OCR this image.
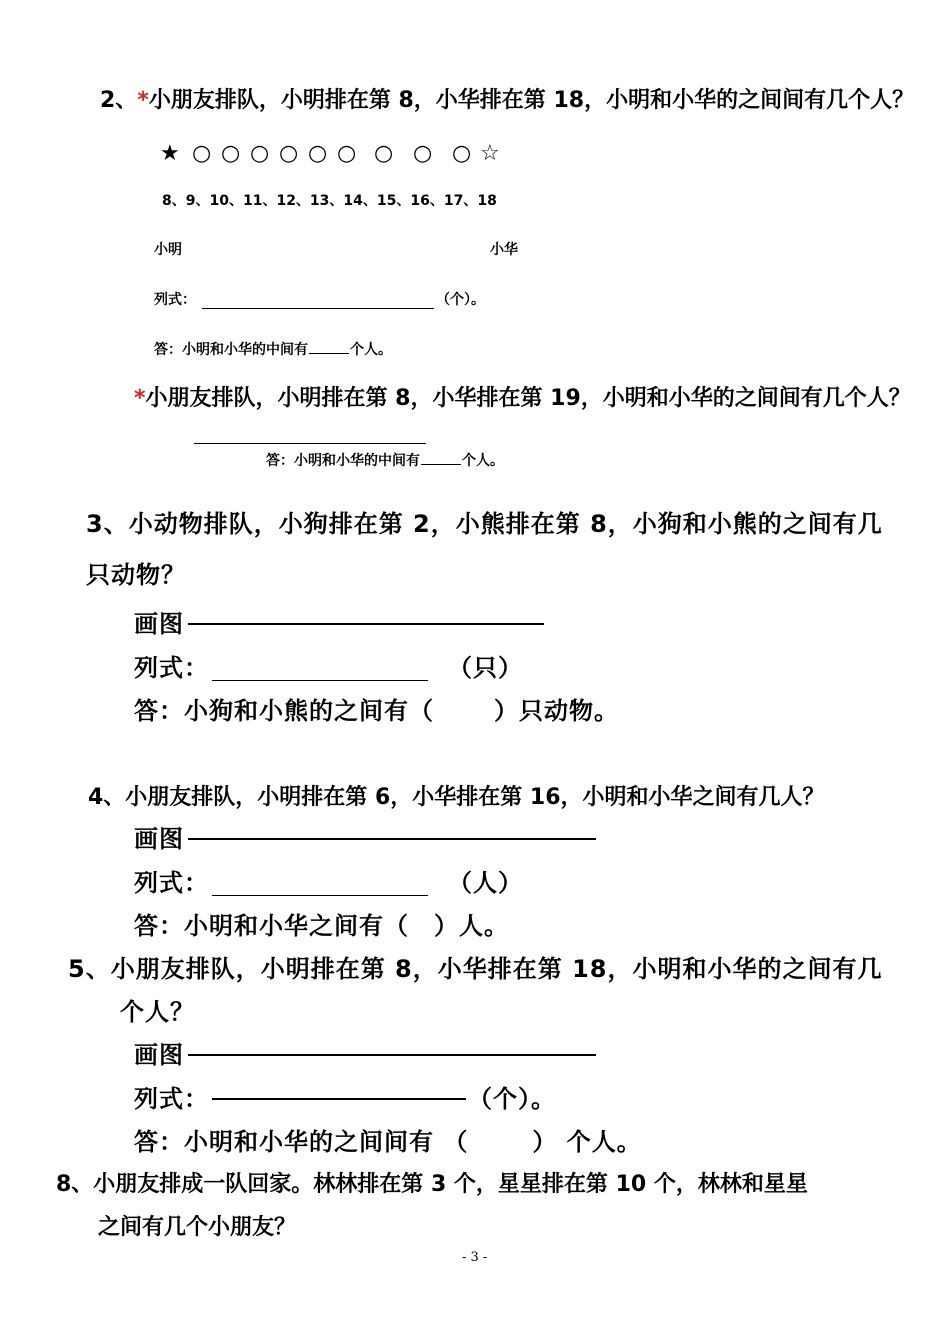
2、*小朋友排队，小明排在第 8，小华排在第 18，小明和小华的之间间有几个人？
★ ○ ○ ○ ○ ○ ○ ○ ○ ○ ☆
8、9、10、11、12、13、14、15、16、17、18
小明	小华
列式：	（个）。
答：小明和小华的中间有	个人。
*小朋友排队，小明排在第 8，小华排在第 19，小明和小华的之间间有几个人？
答：小明和小华的中间有	个人。
3、小动物排队，小狗排在第 2，小熊排在第 8，小狗和小熊的之间有几
只动物？
画图
列式：	（只）
答：小狗和小熊的之间有（	）只动物。
4、小朋友排队，小明排在第 6，小华排在第 16，小明和小华之间有几人？
画图
列式：	（人）
答：小明和小华之间有（　）人。
5、小朋友排队，小明排在第 8，小华排在第 18，小明和小华的之间有几
个人？
画图
列式：	（个）。
答：小明和小华的之间间有 （	） 个人。
8、小朋友排成一队回家。林林排在第 3 个，星星排在第 10 个，林林和星星
之间有几个小朋友？
- 3 -
